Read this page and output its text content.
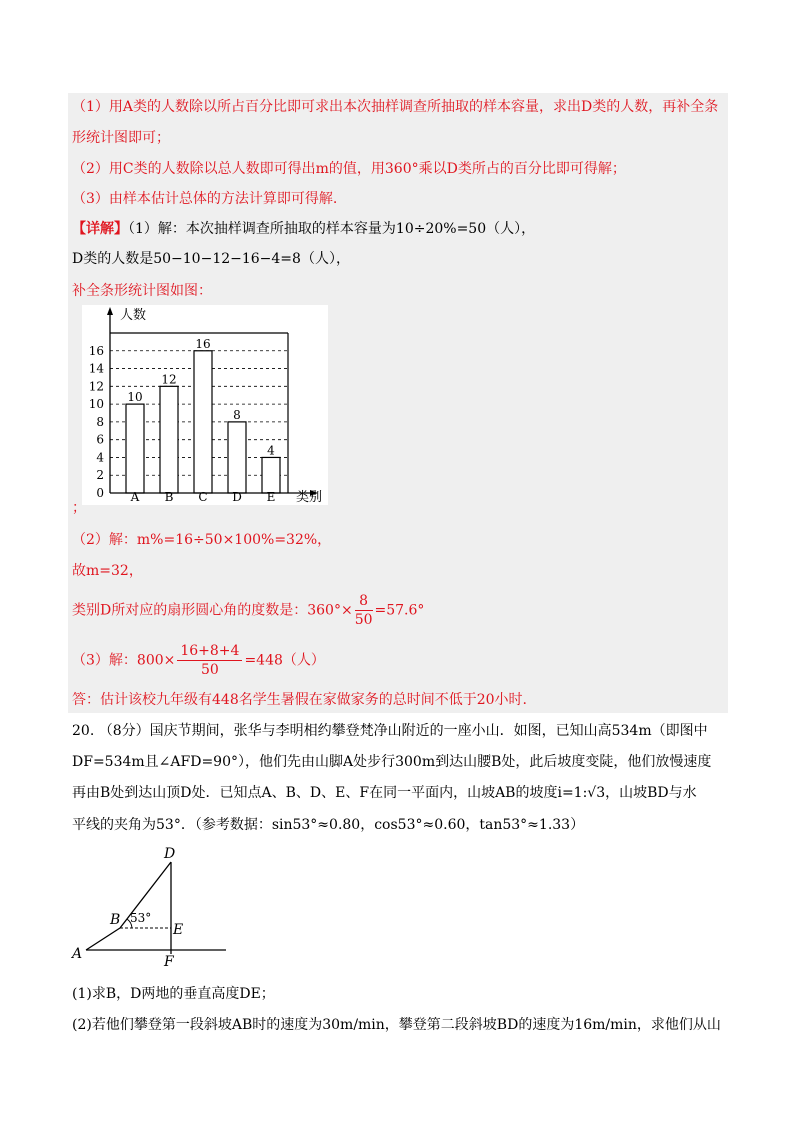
（1）用A类的人数除以所占百分比即可求出本次抽样调查所抽取的样本容量，求出D类的人数，再补全条
形统计图即可；
（2）用C类的人数除以总人数即可得出m的值，用360°乘以D类所占的百分比即可得解；
（3）由样本估计总体的方法计算即可得解.
【详解】（1）解：本次抽样调查所抽取的样本容量为10÷20%=50（人），
D类的人数是50−10−12−16−4=8（人），
补全条形统计图如图：
0
2
4
6
8
10
12
14
16
10
A
12
B
16
C
8
D
4
E
人数
类别
；
（2）解：m%=16÷50×100%=32%，
故m=32，
类别D所对应的扇形圆心角的度数是：$360^\circ\times \frac{8}{50} =57.6^\circ$
（3）解：$800\times \frac{16+8+4}{50} =448$（人）
答：估计该校九年级有448名学生暑假在家做家务的总时间不低于20小时.
20. （8分）国庆节期间，张华与李明相约攀登梵净山附近的一座小山．如图，已知山高534m（即图中
DF=534m且∠AFD=90°），他们先由山脚A处步行300m到达山腰B处，此后坡度变陡，他们放慢速度
再由B处到达山顶D处．已知点A、B、D、E、F在同一平面内，山坡AB的坡度i=1:√3，山坡BD与水
平线的夹角为53°．（参考数据：sin53°≈0.80，cos53°≈0.60，tan53°≈1.33）
A
B
D
E
F
53°
(1)求B，D两地的垂直高度DE；
(2)若他们攀登第一段斜坡AB时的速度为30m/min，攀登第二段斜坡BD的速度为16m/min，求他们从山
